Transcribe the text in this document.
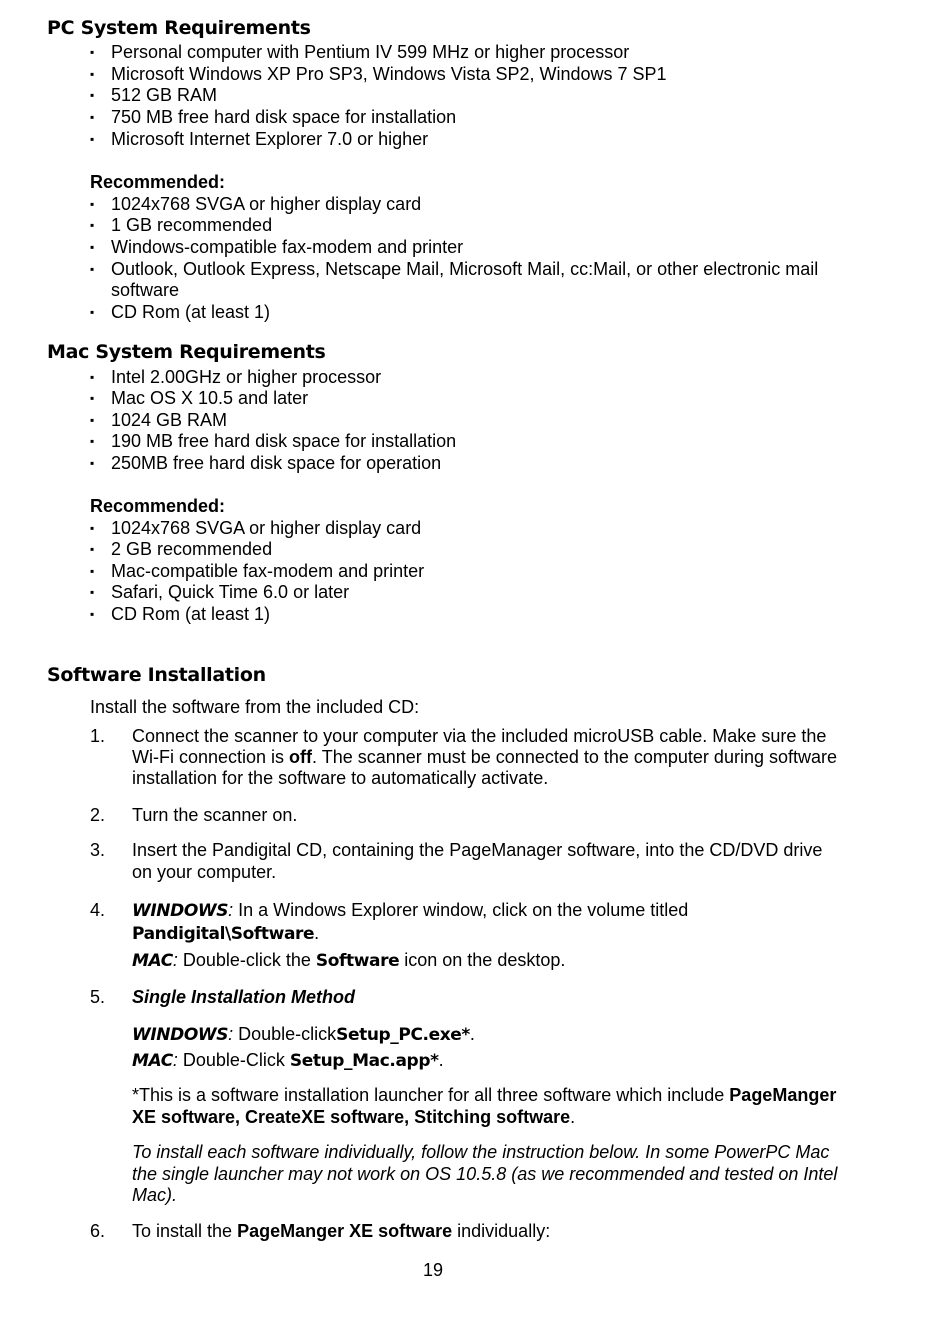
PC System Requirements
▪ Personal computer with Pentium IV 599 MHz or higher processor
▪ Microsoft Windows XP Pro SP3, Windows Vista SP2, Windows 7 SP1
▪ 512 GB RAM
▪ 750 MB free hard disk space for installation
▪ Microsoft Internet Explorer 7.0 or higher
Recommended:
▪ 1024x768 SVGA or higher display card
▪ 1 GB recommended
▪ Windows-compatible fax-modem and printer
▪ Outlook, Outlook Express, Netscape Mail, Microsoft Mail, cc:Mail, or other electronic mail
software
▪ CD Rom (at least 1)
Mac System Requirements
▪ Intel 2.00GHz or higher processor
▪ Mac OS X 10.5 and later
▪ 1024 GB RAM
▪ 190 MB free hard disk space for installation
▪ 250MB free hard disk space for operation
Recommended:
▪ 1024x768 SVGA or higher display card
▪ 2 GB recommended
▪ Mac-compatible fax-modem and printer
▪ Safari, Quick Time 6.0 or later
▪ CD Rom (at least 1)
Software Installation
Install the software from the included CD:
1. Connect the scanner to your computer via the included microUSB cable. Make sure the
Wi-Fi connection is off. The scanner must be connected to the computer during software
installation for the software to automatically activate.
2. Turn the scanner on.
3. Insert the Pandigital CD, containing the PageManager software, into the CD/DVD drive
on your computer.
4. WINDOWS: In a Windows Explorer window, click on the volume titled
Pandigital\Software.
MAC: Double-click the Software icon on the desktop.
5. Single Installation Method
WINDOWS: Double-clickSetup_PC.exe*.
MAC: Double-Click Setup_Mac.app*.
*This is a software installation launcher for all three software which include PageManger
XE software, CreateXE software, Stitching software.
To install each software individually, follow the instruction below. In some PowerPC Mac
the single launcher may not work on OS 10.5.8 (as we recommended and tested on Intel
Mac).
6. To install the PageManger XE software individually:
19
